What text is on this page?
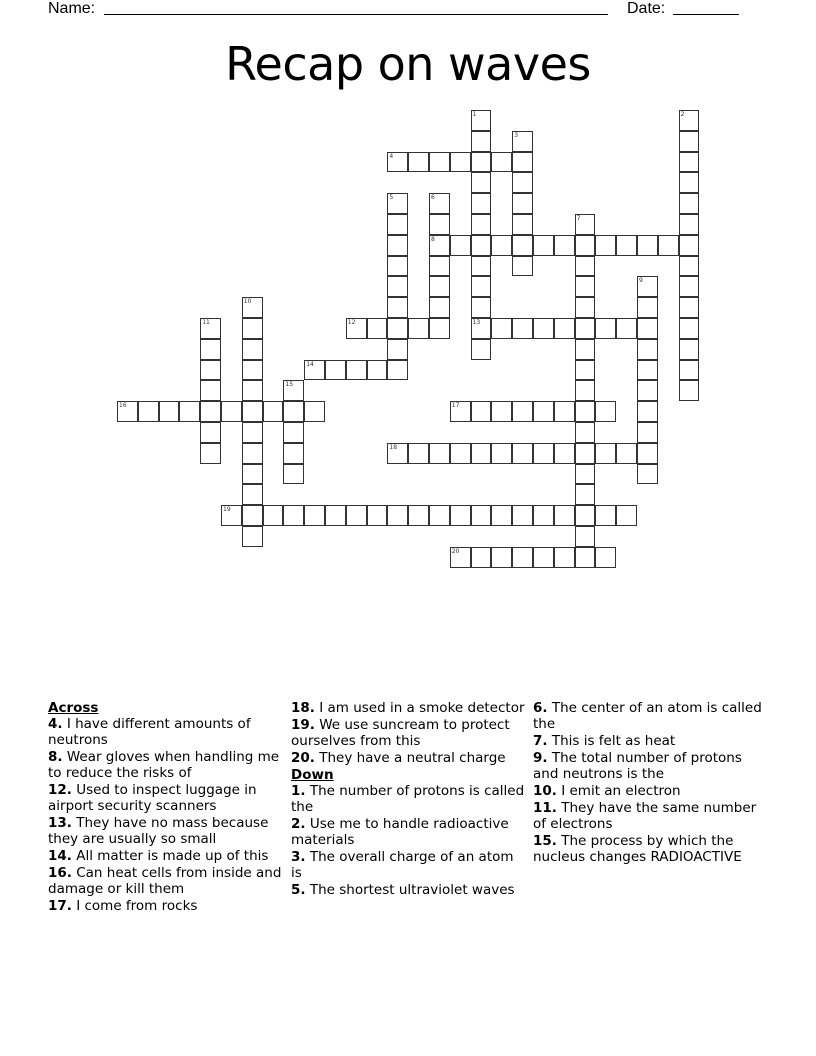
Name:	Date:
Recap on waves
1
13
2
3
4
5	6
8
7
9
10
11	12
14
15
16	17
18
19
20
Across
4. I have different amounts of neutrons
8. Wear gloves when handling me to reduce the risks of
12. Used to inspect luggage in airport security scanners
13. They have no mass because they are usually so small
14. All matter is made up of this
16. Can heat cells from inside and damage or kill them
17. I come from rocks
18. I am used in a smoke detector
19. We use suncream to protect ourselves from this
20. They have a neutral charge
Down
1. The number of protons is called the
2. Use me to handle radioactive materials
3. The overall charge of an atom is
5. The shortest ultraviolet waves
6. The center of an atom is called the
7. This is felt as heat
9. The total number of protons and neutrons is the
10. I emit an electron
11. They have the same number of electrons
15. The process by which the nucleus changes RADIOACTIVE
